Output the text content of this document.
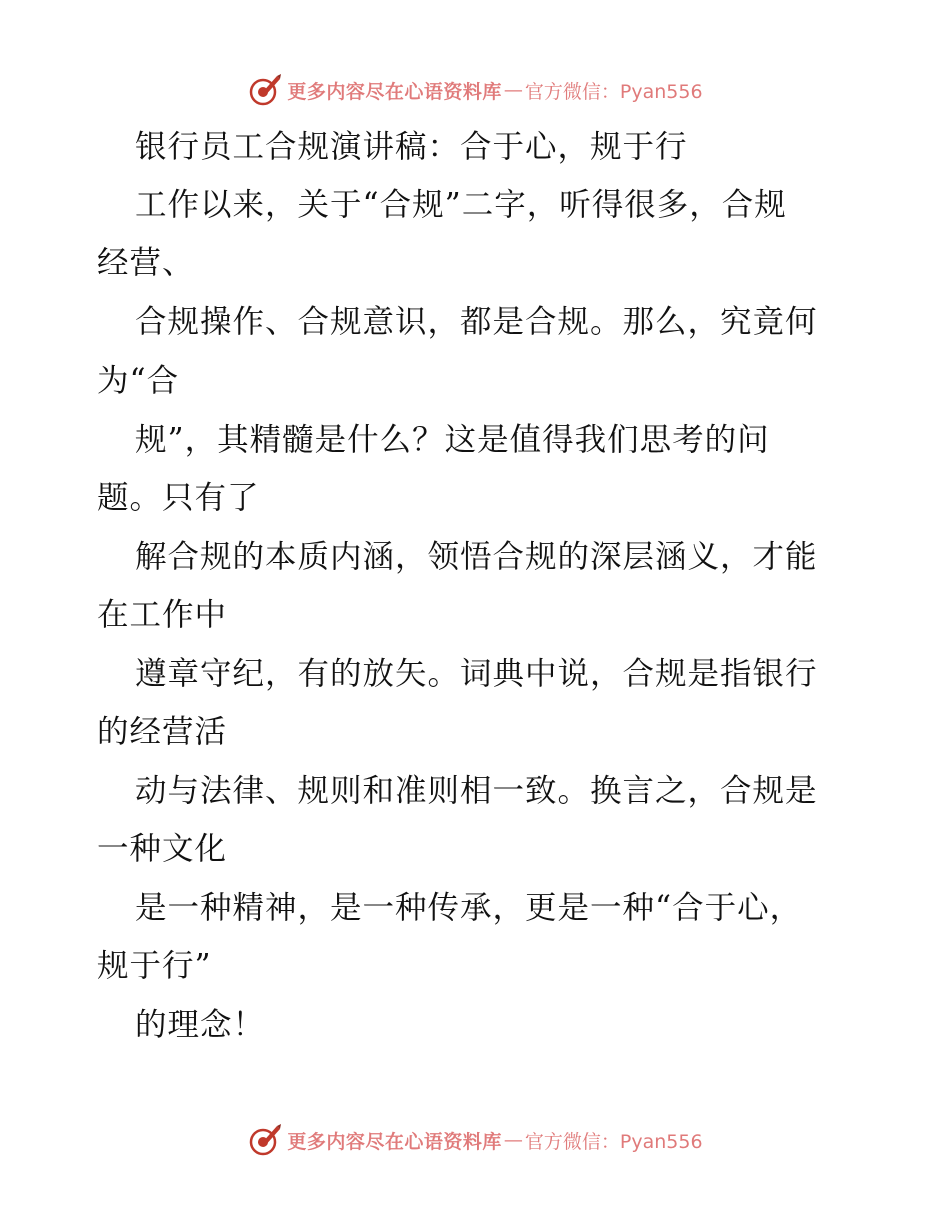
更多内容尽在心语资料库 — 官方微信：Pyan556

银行员工合规演讲稿：合于心，规于行

工作以来，关于“合规”二字，听得很多，合规

经营、

合规操作、合规意识，都是合规。那么，究竟何

为“合

规”，其精髓是什么？这是值得我们思考的问

题。只有了

解合规的本质内涵，领悟合规的深层涵义，才能

在工作中

遵章守纪，有的放矢。词典中说，合规是指银行

的经营活

动与法律、规则和准则相一致。换言之，合规是

一种文化

是一种精神，是一种传承，更是一种“合于心，

规于行”

的理念！

更多内容尽在心语资料库 — 官方微信：Pyan556
